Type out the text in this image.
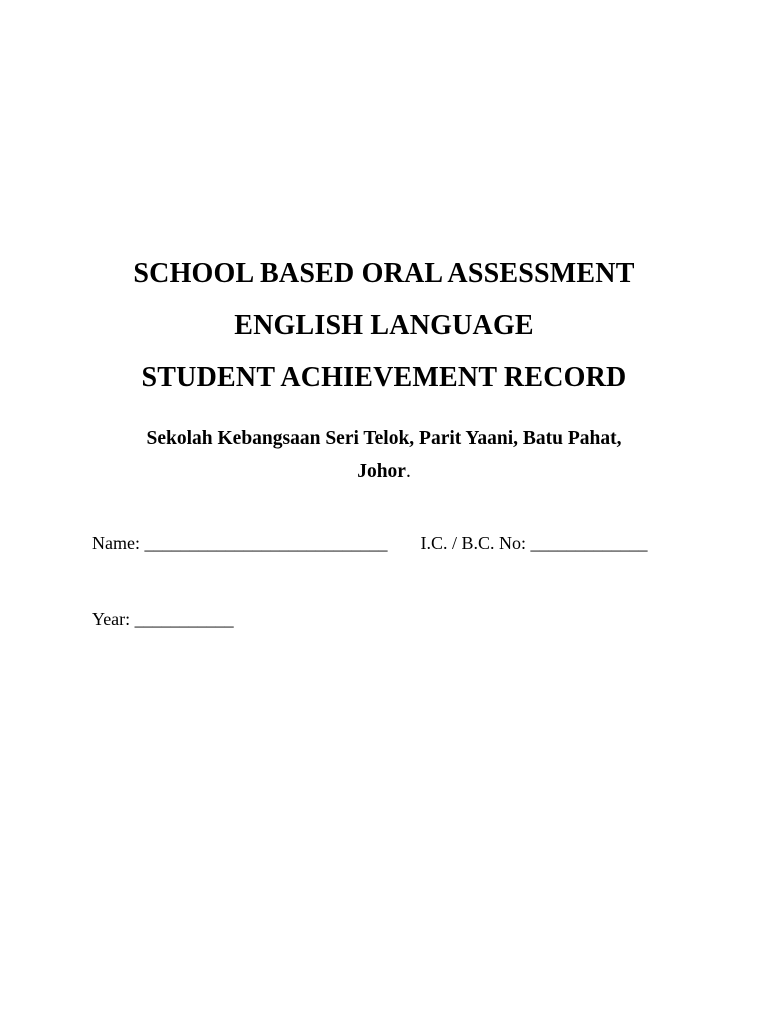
SCHOOL BASED ORAL ASSESSMENT
ENGLISH LANGUAGE
STUDENT ACHIEVEMENT RECORD
Sekolah Kebangsaan Seri Telok, Parit Yaani, Batu Pahat,
Johor.
Name: ___________________________ I.C. / B.C. No: _____________
Year: ___________
